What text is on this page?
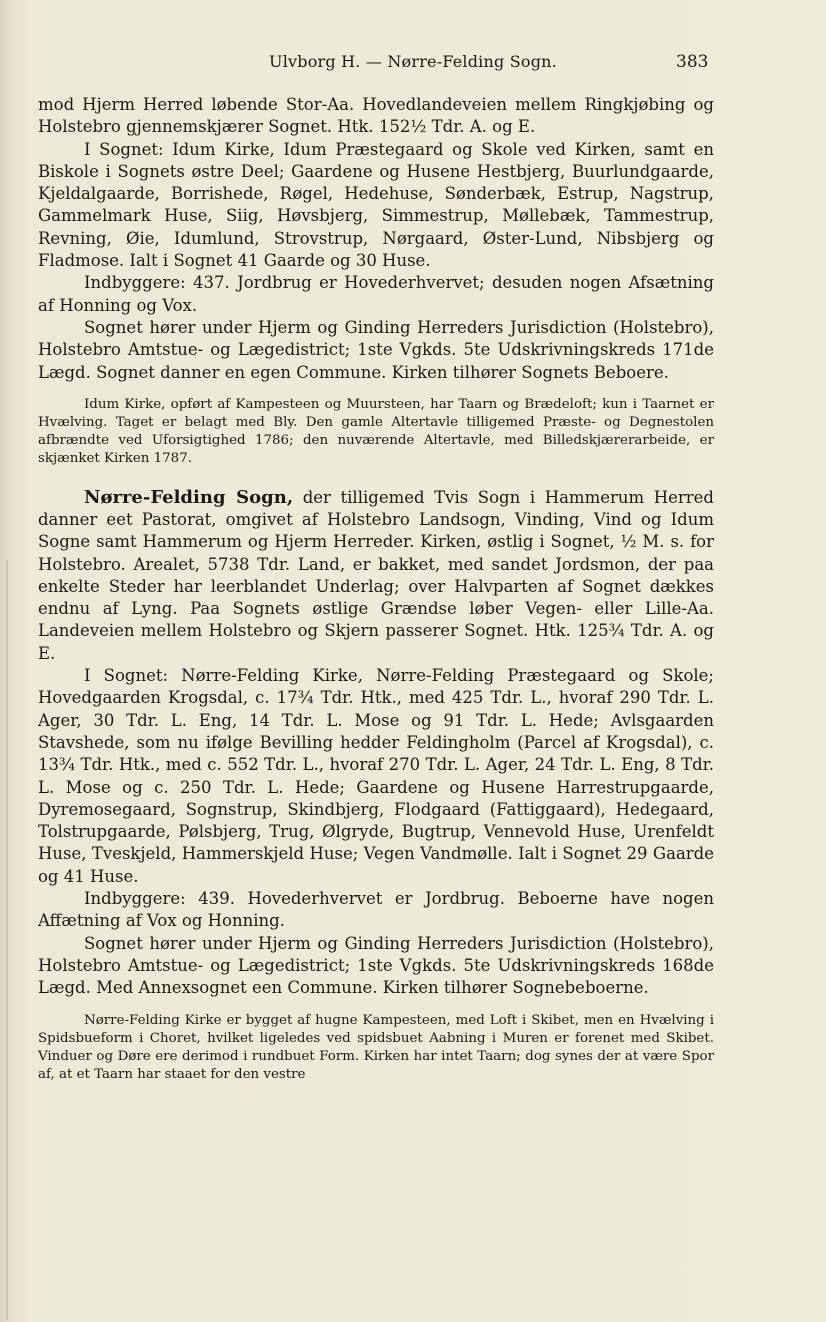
Ulvborg H. — Nørre-Felding Sogn.	383

mod Hjerm Herred løbende Stor-Aa. Hovedlandeveien mellem Ringkjøbing og Holstebro gjennemskjærer Sognet. Htk. 152½ Tdr. A. og E.

I Sognet: Idum Kirke, Idum Præstegaard og Skole ved Kirken, samt en Biskole i Sognets østre Deel; Gaardene og Husene Hestbjerg, Buurlundgaarde, Kjeldalgaarde, Borrishede, Røgel, Hedehuse, Sønderbæk, Estrup, Nagstrup, Gammelmark Huse, Siig, Høvsbjerg, Simmestrup, Møllebæk, Tammestrup, Revning, Øie, Idumlund, Strovstrup, Nørgaard, Øster-Lund, Nibsbjerg og Fladmose. Ialt i Sognet 41 Gaarde og 30 Huse.

Indbyggere: 437. Jordbrug er Hovederhvervet; desuden nogen Afsætning af Honning og Vox.

Sognet hører under Hjerm og Ginding Herreders Jurisdiction (Holstebro), Holstebro Amtstue- og Lægedistrict; 1ste Vgkds. 5te Udskrivningskreds 171de Lægd. Sognet danner en egen Commune. Kirken tilhører Sognets Beboere.

Idum Kirke, opført af Kampesteen og Muursteen, har Taarn og Brædeloft; kun i Taarnet er Hvælving. Taget er belagt med Bly. Den gamle Altertavle tilligemed Præste- og Degnestolen afbrændte ved Uforsigtighed 1786; den nuværende Altertavle, med Billedskjærerarbeide, er skjænket Kirken 1787.

Nørre-Felding Sogn, der tilligemed Tvis Sogn i Hammerum Herred danner eet Pastorat, omgivet af Holstebro Landsogn, Vinding, Vind og Idum Sogne samt Hammerum og Hjerm Herreder. Kirken, østlig i Sognet, ½ M. s. for Holstebro. Arealet, 5738 Tdr. Land, er bakket, med sandet Jordsmon, der paa enkelte Steder har leerblandet Underlag; over Halvparten af Sognet dækkes endnu af Lyng. Paa Sognets østlige Grændse løber Vegen- eller Lille-Aa. Landeveien mellem Holstebro og Skjern passerer Sognet. Htk. 125¾ Tdr. A. og E.

I Sognet: Nørre-Felding Kirke, Nørre-Felding Præstegaard og Skole; Hovedgaarden Krogsdal, c. 17¾ Tdr. Htk., med 425 Tdr. L., hvoraf 290 Tdr. L. Ager, 30 Tdr. L. Eng, 14 Tdr. L. Mose og 91 Tdr. L. Hede; Avlsgaarden Stavshede, som nu ifølge Bevilling hedder Feldingholm (Parcel af Krogsdal), c. 13¾ Tdr. Htk., med c. 552 Tdr. L., hvoraf 270 Tdr. L. Ager, 24 Tdr. L. Eng, 8 Tdr. L. Mose og c. 250 Tdr. L. Hede; Gaardene og Husene Harrestrupgaarde, Dyremosegaard, Sognstrup, Skindbjerg, Flodgaard (Fattiggaard), Hedegaard, Tolstrupgaarde, Pølsbjerg, Trug, Ølgryde, Bugtrup, Vennevold Huse, Urenfeldt Huse, Tveskjeld, Hammerskjeld Huse; Vegen Vandmølle. Ialt i Sognet 29 Gaarde og 41 Huse.

Indbyggere: 439. Hovederhvervet er Jordbrug. Beboerne have nogen Affætning af Vox og Honning.

Sognet hører under Hjerm og Ginding Herreders Jurisdiction (Holstebro), Holstebro Amtstue- og Lægedistrict; 1ste Vgkds. 5te Udskrivningskreds 168de Lægd. Med Annexsognet een Commune. Kirken tilhører Sognebeboerne.

Nørre-Felding Kirke er bygget af hugne Kampesteen, med Loft i Skibet, men en Hvælving i Spidsbueform i Choret, hvilket ligeledes ved spidsbuet Aabning i Muren er forenet med Skibet. Vinduer og Døre ere derimod i rundbuet Form. Kirken har intet Taarn; dog synes der at være Spor af, at et Taarn har staaet for den vestre
